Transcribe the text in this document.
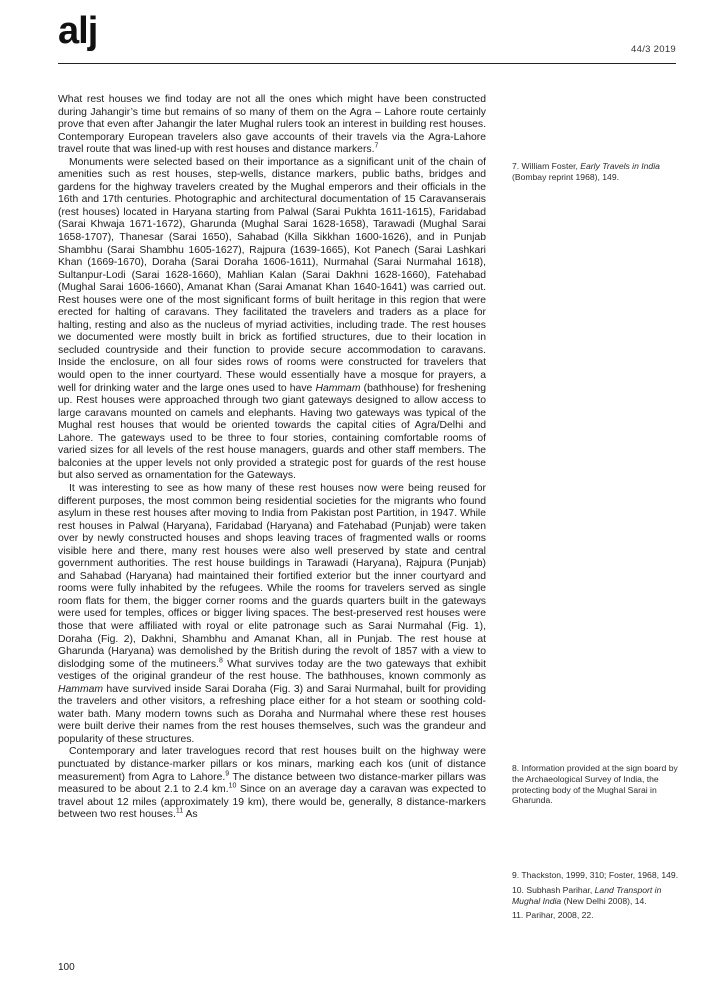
alj	44/3 2019

What rest houses we find today are not all the ones which might have been constructed during Jahangir’s time but remains of so many of them on the Agra – Lahore route certainly prove that even after Jahangir the later Mughal rulers took an interest in building rest houses. Contemporary European travelers also gave accounts of their travels via the Agra-Lahore travel route that was lined-up with rest houses and distance markers.$^7$

Monuments were selected based on their importance as a significant unit of the chain of amenities such as rest houses, step-wells, distance markers, public baths, bridges and gardens for the highway travelers created by the Mughal emperors and their officials in the 16th and 17th centuries. Photographic and architectural documentation of 15 Caravanserais (rest houses) located in Haryana starting from Palwal (Sarai Pukhta 1611-1615), Faridabad (Sarai Khwaja 1671-1672), Gharunda (Mughal Sarai 1628-1658), Tarawadi (Mughal Sarai 1658-1707), Thanesar (Sarai 1650), Sahabad (Killa Sikkhan 1600-1626), and in Punjab Shambhu (Sarai Shambhu 1605-1627), Rajpura (1639-1665), Kot Panech (Sarai Lashkari Khan (1669-1670), Doraha (Sarai Doraha 1606-1611), Nurmahal (Sarai Nurmahal 1618), Sultanpur-Lodi (Sarai 1628-1660), Mahlian Kalan (Sarai Dakhni 1628-1660), Fatehabad (Mughal Sarai 1606-1660), Amanat Khan (Sarai Amanat Khan 1640-1641) was carried out. Rest houses were one of the most significant forms of built heritage in this region that were erected for halting of caravans. They facilitated the travelers and traders as a place for halting, resting and also as the nucleus of myriad activities, including trade. The rest houses we documented were mostly built in brick as fortified structures, due to their location in secluded countryside and their function to provide secure accommodation to caravans. Inside the enclosure, on all four sides rows of rooms were constructed for travelers that would open to the inner courtyard. These would essentially have a mosque for prayers, a well for drinking water and the large ones used to have Hammam (bathhouse) for freshening up. Rest houses were approached through two giant gateways designed to allow access to large caravans mounted on camels and elephants. Having two gateways was typical of the Mughal rest houses that would be oriented towards the capital cities of Agra/Delhi and Lahore. The gateways used to be three to four stories, containing comfortable rooms of varied sizes for all levels of the rest house managers, guards and other staff members. The balconies at the upper levels not only provided a strategic post for guards of the rest house but also served as ornamentation for the Gateways.

It was interesting to see as how many of these rest houses now were being reused for different purposes, the most common being residential societies for the migrants who found asylum in these rest houses after moving to India from Pakistan post Partition, in 1947. While rest houses in Palwal (Haryana), Faridabad (Haryana) and Fatehabad (Punjab) were taken over by newly constructed houses and shops leaving traces of fragmented walls or rooms visible here and there, many rest houses were also well preserved by state and central government authorities. The rest house buildings in Tarawadi (Haryana), Rajpura (Punjab) and Sahabad (Haryana) had maintained their fortified exterior but the inner courtyard and rooms were fully inhabited by the refugees. While the rooms for travelers served as single room flats for them, the bigger corner rooms and the guards quarters built in the gateways were used for temples, offices or bigger living spaces. The best-preserved rest houses were those that were affiliated with royal or elite patronage such as Sarai Nurmahal (Fig. 1), Doraha (Fig. 2), Dakhni, Shambhu and Amanat Khan, all in Punjab. The rest house at Gharunda (Haryana) was demolished by the British during the revolt of 1857 with a view to dislodging some of the mutineers.$^8$ What survives today are the two gateways that exhibit vestiges of the original grandeur of the rest house. The bathhouses, known commonly as Hammam have survived inside Sarai Doraha (Fig. 3) and Sarai Nurmahal, built for providing the travelers and other visitors, a refreshing place either for a hot steam or soothing cold-water bath. Many modern towns such as Doraha and Nurmahal where these rest houses were built derive their names from the rest houses themselves, such was the grandeur and popularity of these structures.

Contemporary and later travelogues record that rest houses built on the highway were punctuated by distance-marker pillars or kos minars, marking each kos (unit of distance measurement) from Agra to Lahore.$^9$ The distance between two distance-marker pillars was measured to be about 2.1 to 2.4 km.$^{10}$ Since on an average day a caravan was expected to travel about 12 miles (approximately 19 km), there would be, generally, 8 distance-markers between two rest houses.$^{11}$ As

7. William Foster, Early Travels in India (Bombay reprint 1968), 149.
8. Information provided at the sign board by the Archaeological Survey of India, the protecting body of the Mughal Sarai in Gharunda.
9. Thackston, 1999, 310; Foster, 1968, 149.
10. Subhash Parihar, Land Transport in Mughal India (New Delhi 2008), 14.
11. Parihar, 2008, 22.
100
